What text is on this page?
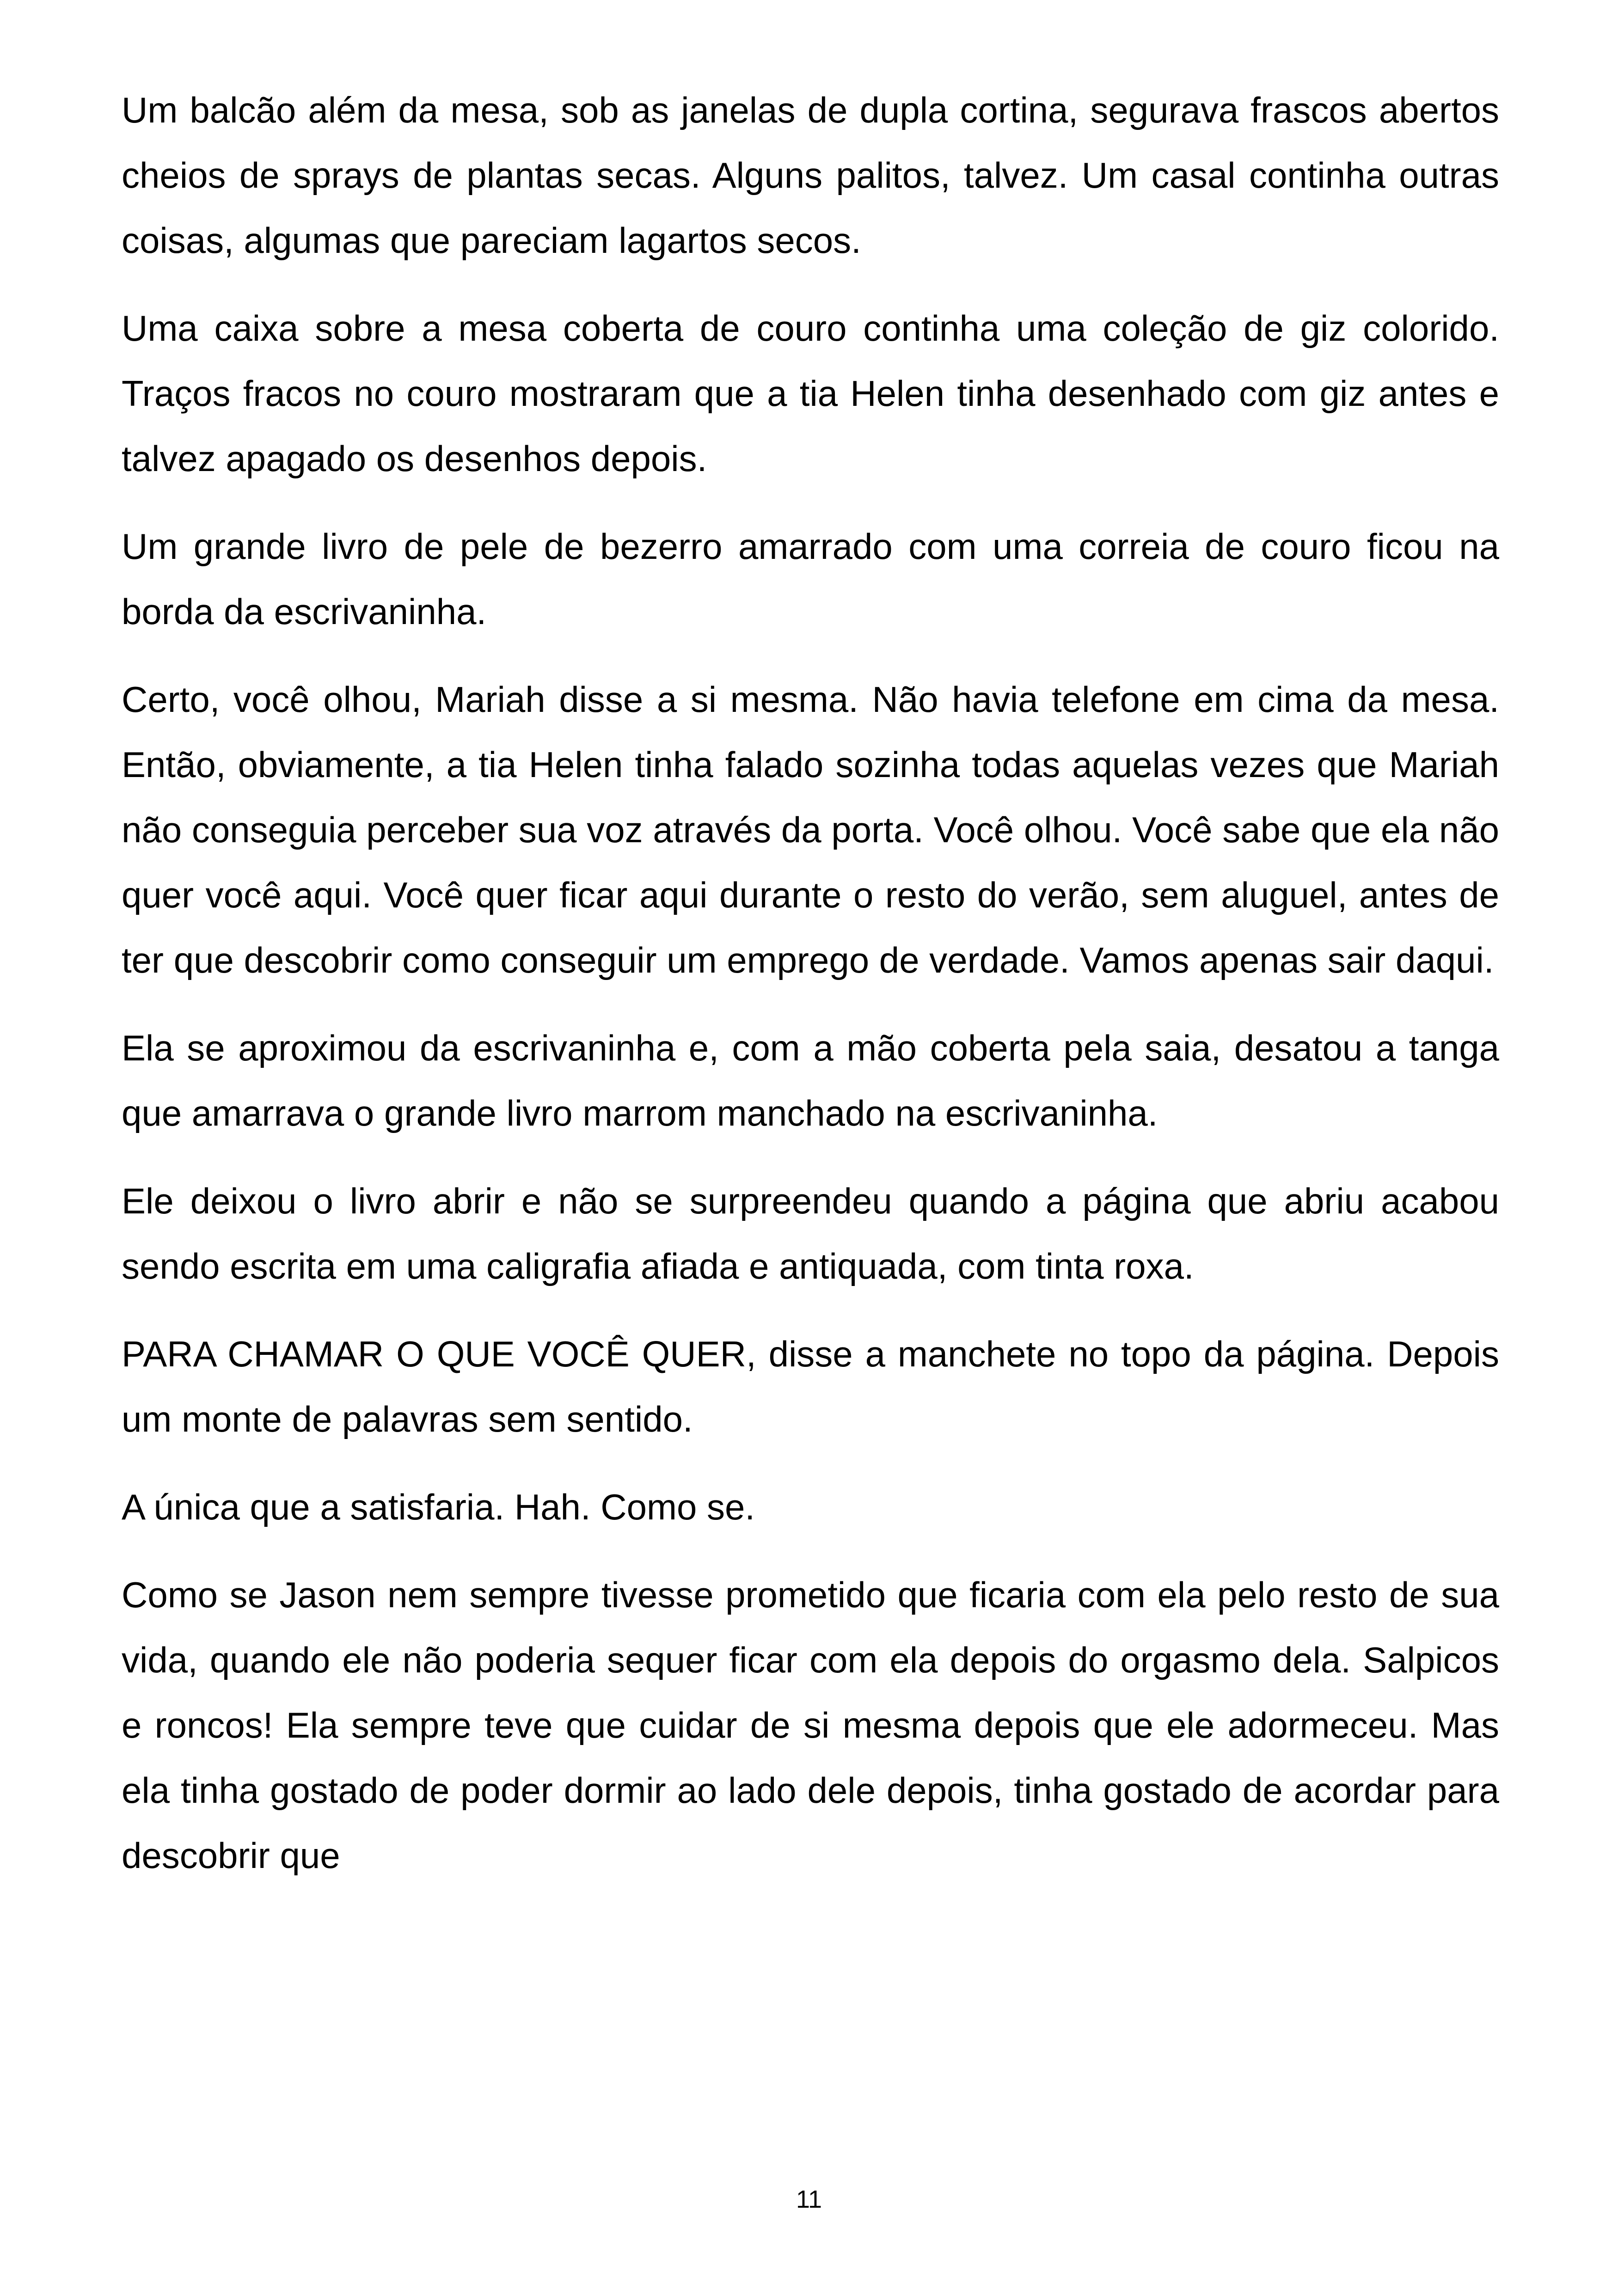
Um balcão além da mesa, sob as janelas de dupla cortina, segurava frascos abertos cheios de sprays de plantas secas. Alguns palitos, talvez. Um casal continha outras coisas, algumas que pareciam lagartos secos.

Uma caixa sobre a mesa coberta de couro continha uma coleção de giz colorido. Traços fracos no couro mostraram que a tia Helen tinha desenhado com giz antes e talvez apagado os desenhos depois.

Um grande livro de pele de bezerro amarrado com uma correia de couro ficou na borda da escrivaninha.

Certo, você olhou, Mariah disse a si mesma. Não havia telefone em cima da mesa. Então, obviamente, a tia Helen tinha falado sozinha todas aquelas vezes que Mariah não conseguia perceber sua voz através da porta. Você olhou. Você sabe que ela não quer você aqui. Você quer ficar aqui durante o resto do verão, sem aluguel, antes de ter que descobrir como conseguir um emprego de verdade. Vamos apenas sair daqui.

Ela se aproximou da escrivaninha e, com a mão coberta pela saia, desatou a tanga que amarrava o grande livro marrom manchado na escrivaninha.

Ele deixou o livro abrir e não se surpreendeu quando a página que abriu acabou sendo escrita em uma caligrafia afiada e antiquada, com tinta roxa.

PARA CHAMAR O QUE VOCÊ QUER, disse a manchete no topo da página. Depois um monte de palavras sem sentido.

A única que a satisfaria. Hah. Como se.

Como se Jason nem sempre tivesse prometido que ficaria com ela pelo resto de sua vida, quando ele não poderia sequer ficar com ela depois do orgasmo dela. Salpicos e roncos! Ela sempre teve que cuidar de si mesma depois que ele adormeceu. Mas ela tinha gostado de poder dormir ao lado dele depois, tinha gostado de acordar para descobrir que

11
